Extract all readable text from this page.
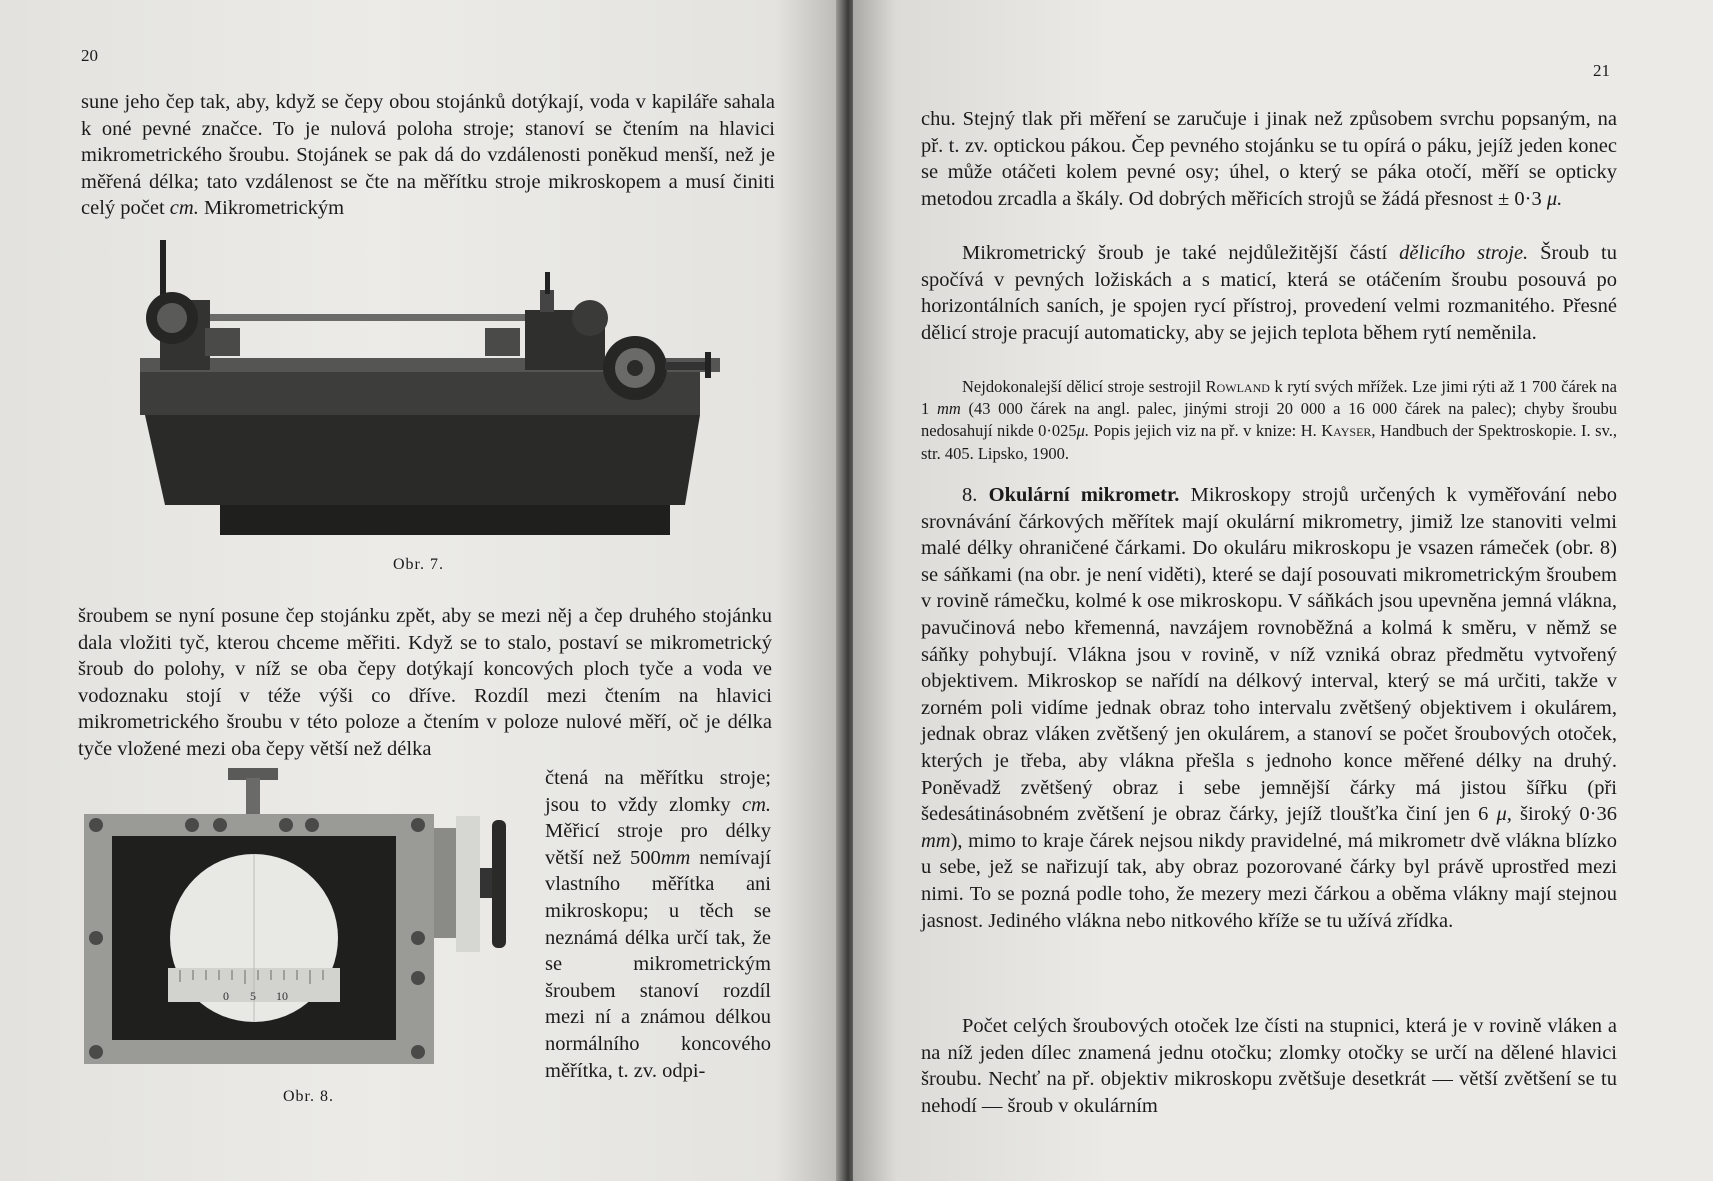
20

sune jeho čep tak, aby, když se čepy obou stojánků dotýkají, voda v kapiláře sahala k oné pevné značce. To je nulová poloha stroje; stanoví se čtením na hlavici mikrometrického šroubu. Stojánek se pak dá do vzdálenosti poněkud menší, než je měřená délka; tato vzdálenost se čte na měřítku stroje mikroskopem a musí činiti celý počet cm. Mikrometrickým

Obr. 7.

šroubem se nyní posune čep stojánku zpět, aby se mezi něj a čep druhého stojánku dala vložiti tyč, kterou chceme měřiti. Když se to stalo, postaví se mikrometrický šroub do polohy, v níž se oba čepy dotýkají koncových ploch tyče a voda ve vodoznaku stojí v téže výši co dříve. Rozdíl mezi čtením na hlavici mikrometrického šroubu v této poloze a čtením v poloze nulové měří, oč je délka tyče vložené mezi oba čepy větší než délka

0 5 10

čtená na měřítku stroje; jsou to vždy zlomky cm. Měřicí stroje pro délky větší než 500mm nemívají vlastního měřítka ani mikroskopu; u těch se neznámá délka určí tak, že se mikrometrickým šroubem stanoví rozdíl mezi ní a známou délkou normálního koncového měřítka, t. zv. odpi-

Obr. 8.
21

chu. Stejný tlak při měření se zaručuje i jinak než způsobem svrchu popsaným, na př. t. zv. optickou pákou. Čep pevného stojánku se tu opírá o páku, jejíž jeden konec se může otáčeti kolem pevné osy; úhel, o který se páka otočí, měří se opticky metodou zrcadla a škály. Od dobrých měřicích strojů se žádá přesnost ± 0·3 μ.

Mikrometrický šroub je také nejdůležitější částí dělicího stroje. Šroub tu spočívá v pevných ložiskách a s maticí, která se otáčením šroubu posouvá po horizontálních saních, je spojen rycí přístroj, provedení velmi rozmanitého. Přesné dělicí stroje pracují automaticky, aby se jejich teplota během rytí neměnila.

Nejdokonalejší dělicí stroje sestrojil Rowland k rytí svých mřížek. Lze jimi rýti až 1 700 čárek na 1 mm (43 000 čárek na angl. palec, jinými stroji 20 000 a 16 000 čárek na palec); chyby šroubu nedosahují nikde 0·025μ. Popis jejich viz na př. v knize: H. Kayser, Handbuch der Spektroskopie. I. sv., str. 405. Lipsko, 1900.

8. Okulární mikrometr. Mikroskopy strojů určených k vyměřování nebo srovnávání čárkových měřítek mají okulární mikrometry, jimiž lze stanoviti velmi malé délky ohraničené čárkami. Do okuláru mikroskopu je vsazen rámeček (obr. 8) se sáňkami (na obr. je není viděti), které se dají posouvati mikrometrickým šroubem v rovině rámečku, kolmé k ose mikroskopu. V sáňkách jsou upevněna jemná vlákna, pavučinová nebo křemenná, navzájem rovnoběžná a kolmá k směru, v němž se sáňky pohybují. Vlákna jsou v rovině, v níž vzniká obraz předmětu vytvořený objektivem. Mikroskop se nařídí na délkový interval, který se má určiti, takže v zorném poli vidíme jednak obraz toho intervalu zvětšený objektivem i okulárem, jednak obraz vláken zvětšený jen okulárem, a stanoví se počet šroubových otoček, kterých je třeba, aby vlákna přešla s jednoho konce měřené délky na druhý. Poněvadž zvětšený obraz i sebe jemnější čárky má jistou šířku (při šedesátinásobném zvětšení je obraz čárky, jejíž tloušťka činí jen 6 μ, široký 0·36 mm), mimo to kraje čárek nejsou nikdy pravidelné, má mikrometr dvě vlákna blízko u sebe, jež se nařizují tak, aby obraz pozorované čárky byl právě uprostřed mezi nimi. To se pozná podle toho, že mezery mezi čárkou a oběma vlákny mají stejnou jasnost. Jediného vlákna nebo nitkového kříže se tu užívá zřídka.

Počet celých šroubových otoček lze čísti na stupnici, která je v rovině vláken a na níž jeden dílec znamená jednu otočku; zlomky otočky se určí na dělené hlavici šroubu. Nechť na př. objektiv mikroskopu zvětšuje desetkrát — větší zvětšení se tu nehodí — šroub v okulárním
